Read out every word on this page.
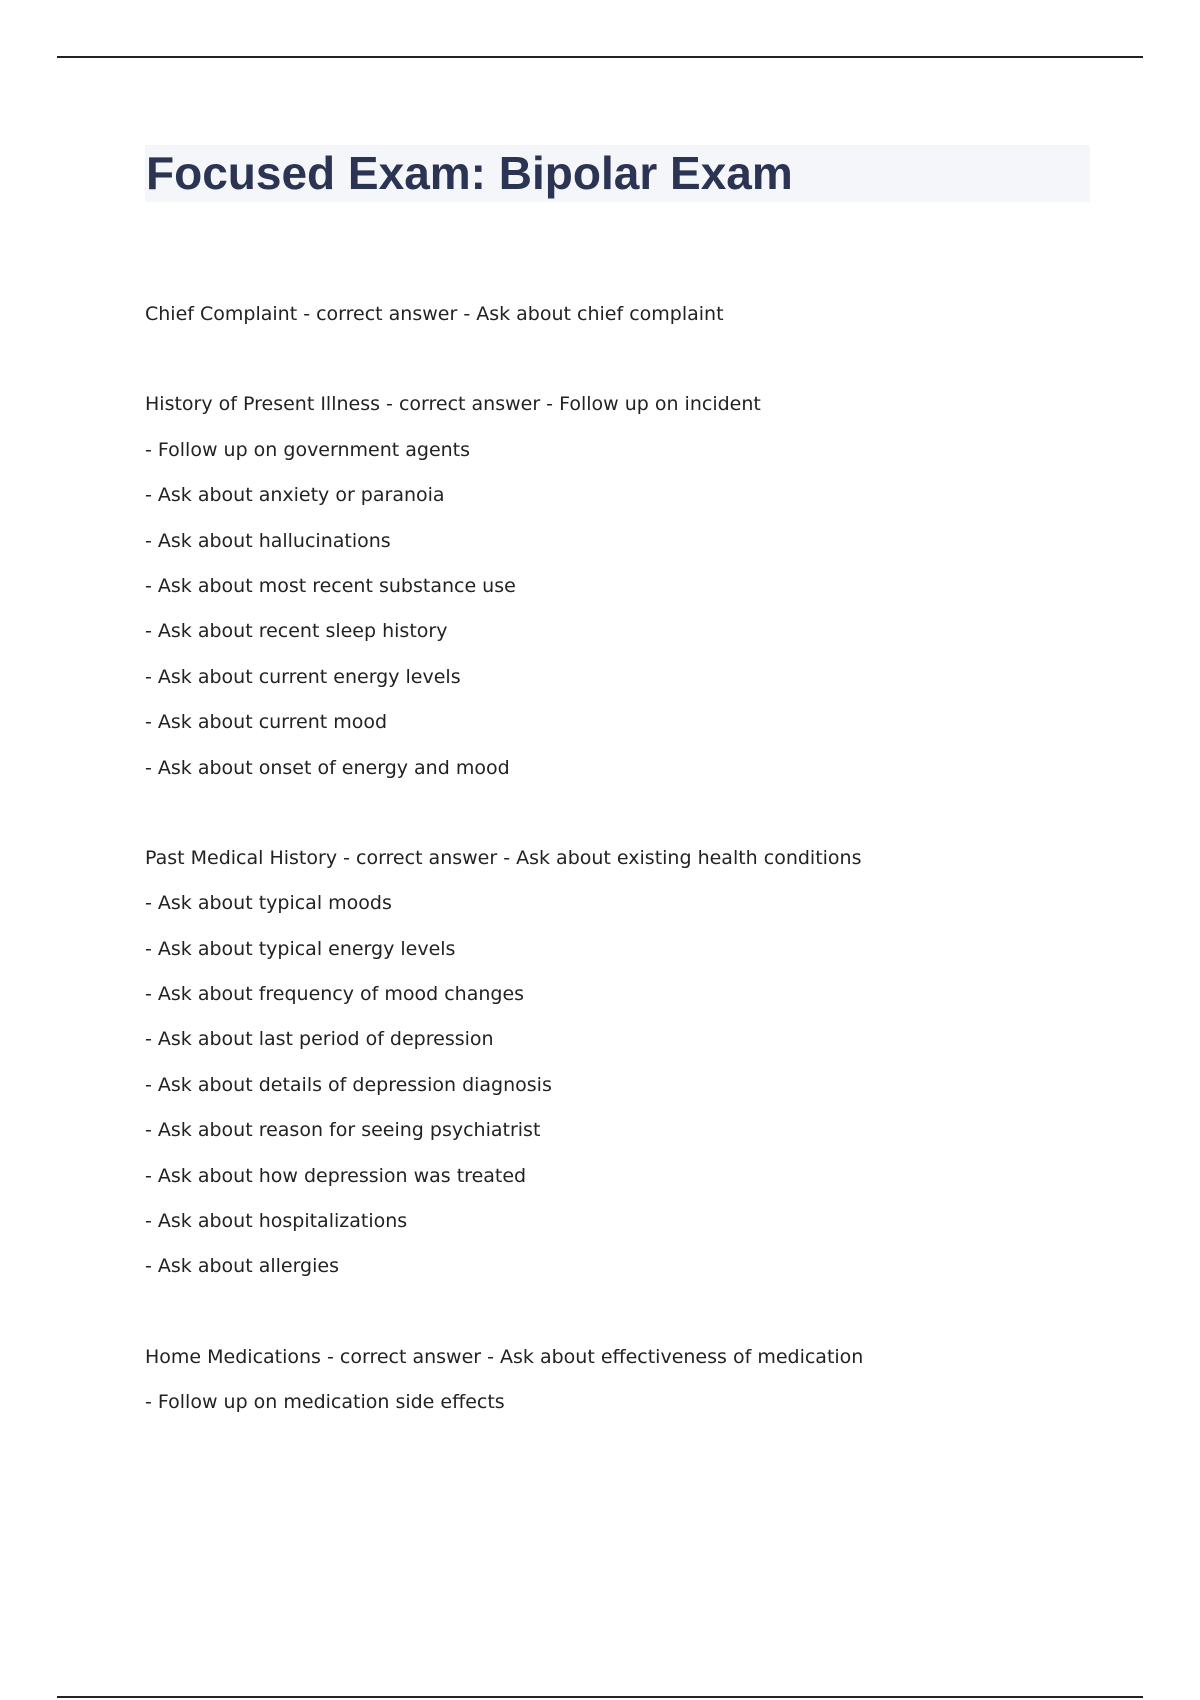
Focused Exam: Bipolar Exam
Chief Complaint - correct answer - Ask about chief complaint
History of Present Illness - correct answer - Follow up on incident
- Follow up on government agents
- Ask about anxiety or paranoia
- Ask about hallucinations
- Ask about most recent substance use
- Ask about recent sleep history
- Ask about current energy levels
- Ask about current mood
- Ask about onset of energy and mood
Past Medical History - correct answer - Ask about existing health conditions
- Ask about typical moods
- Ask about typical energy levels
- Ask about frequency of mood changes
- Ask about last period of depression
- Ask about details of depression diagnosis
- Ask about reason for seeing psychiatrist
- Ask about how depression was treated
- Ask about hospitalizations
- Ask about allergies
Home Medications - correct answer - Ask about effectiveness of medication
- Follow up on medication side effects
